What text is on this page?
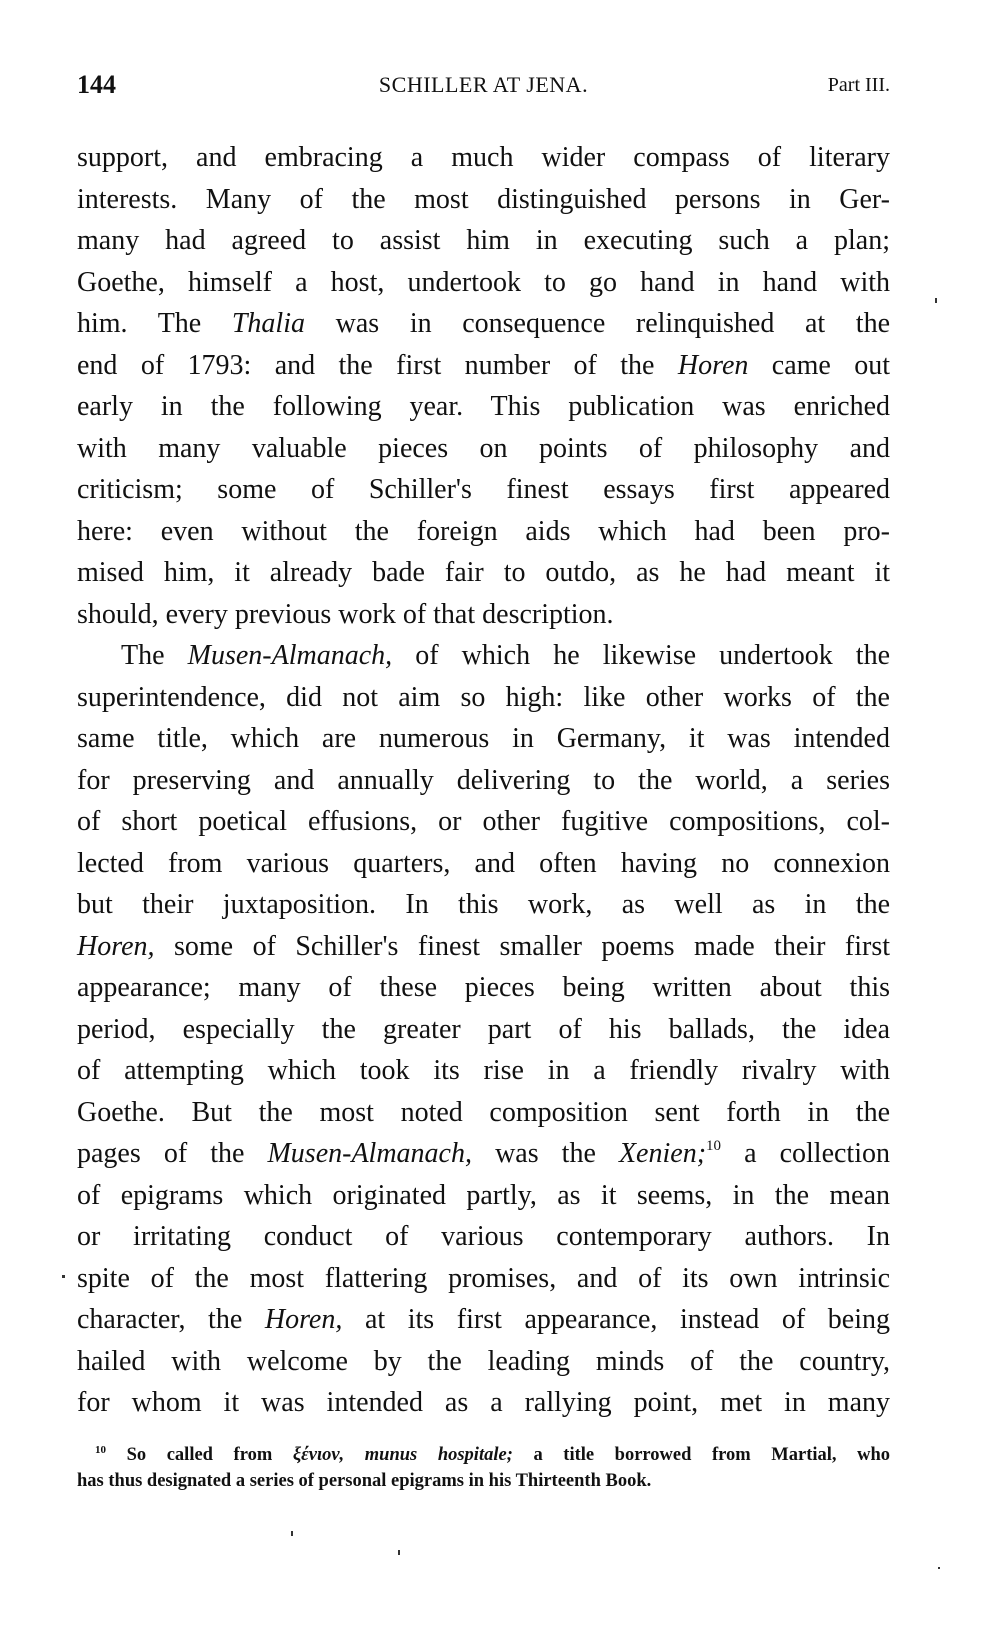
144	SCHILLER AT JENA.	Part III.
support, and embracing a much wider compass of literary
interests. Many of the most distinguished persons in Ger-
many had agreed to assist him in executing such a plan;
Goethe, himself a host, undertook to go hand in hand with
him. The Thalia was in consequence relinquished at the
end of 1793: and the first number of the Horen came out
early in the following year. This publication was enriched
with many valuable pieces on points of philosophy and
criticism; some of Schiller's finest essays first appeared
here: even without the foreign aids which had been pro-
mised him, it already bade fair to outdo, as he had meant it
should, every previous work of that description.
The Musen-Almanach, of which he likewise undertook the
superintendence, did not aim so high: like other works of the
same title, which are numerous in Germany, it was intended
for preserving and annually delivering to the world, a series
of short poetical effusions, or other fugitive compositions, col-
lected from various quarters, and often having no connexion
but their juxtaposition. In this work, as well as in the
Horen, some of Schiller's finest smaller poems made their first
appearance; many of these pieces being written about this
period, especially the greater part of his ballads, the idea
of attempting which took its rise in a friendly rivalry with
Goethe. But the most noted composition sent forth in the
pages of the Musen-Almanach, was the Xenien;$^{10}$ a collection
of epigrams which originated partly, as it seems, in the mean
or irritating conduct of various contemporary authors. In
spite of the most flattering promises, and of its own intrinsic
character, the Horen, at its first appearance, instead of being
hailed with welcome by the leading minds of the country,
for whom it was intended as a rallying point, met in many
$^{10}$ So called from ξένιον, munus hospitale; a title borrowed from Martial, who
has thus designated a series of personal epigrams in his Thirteenth Book.
